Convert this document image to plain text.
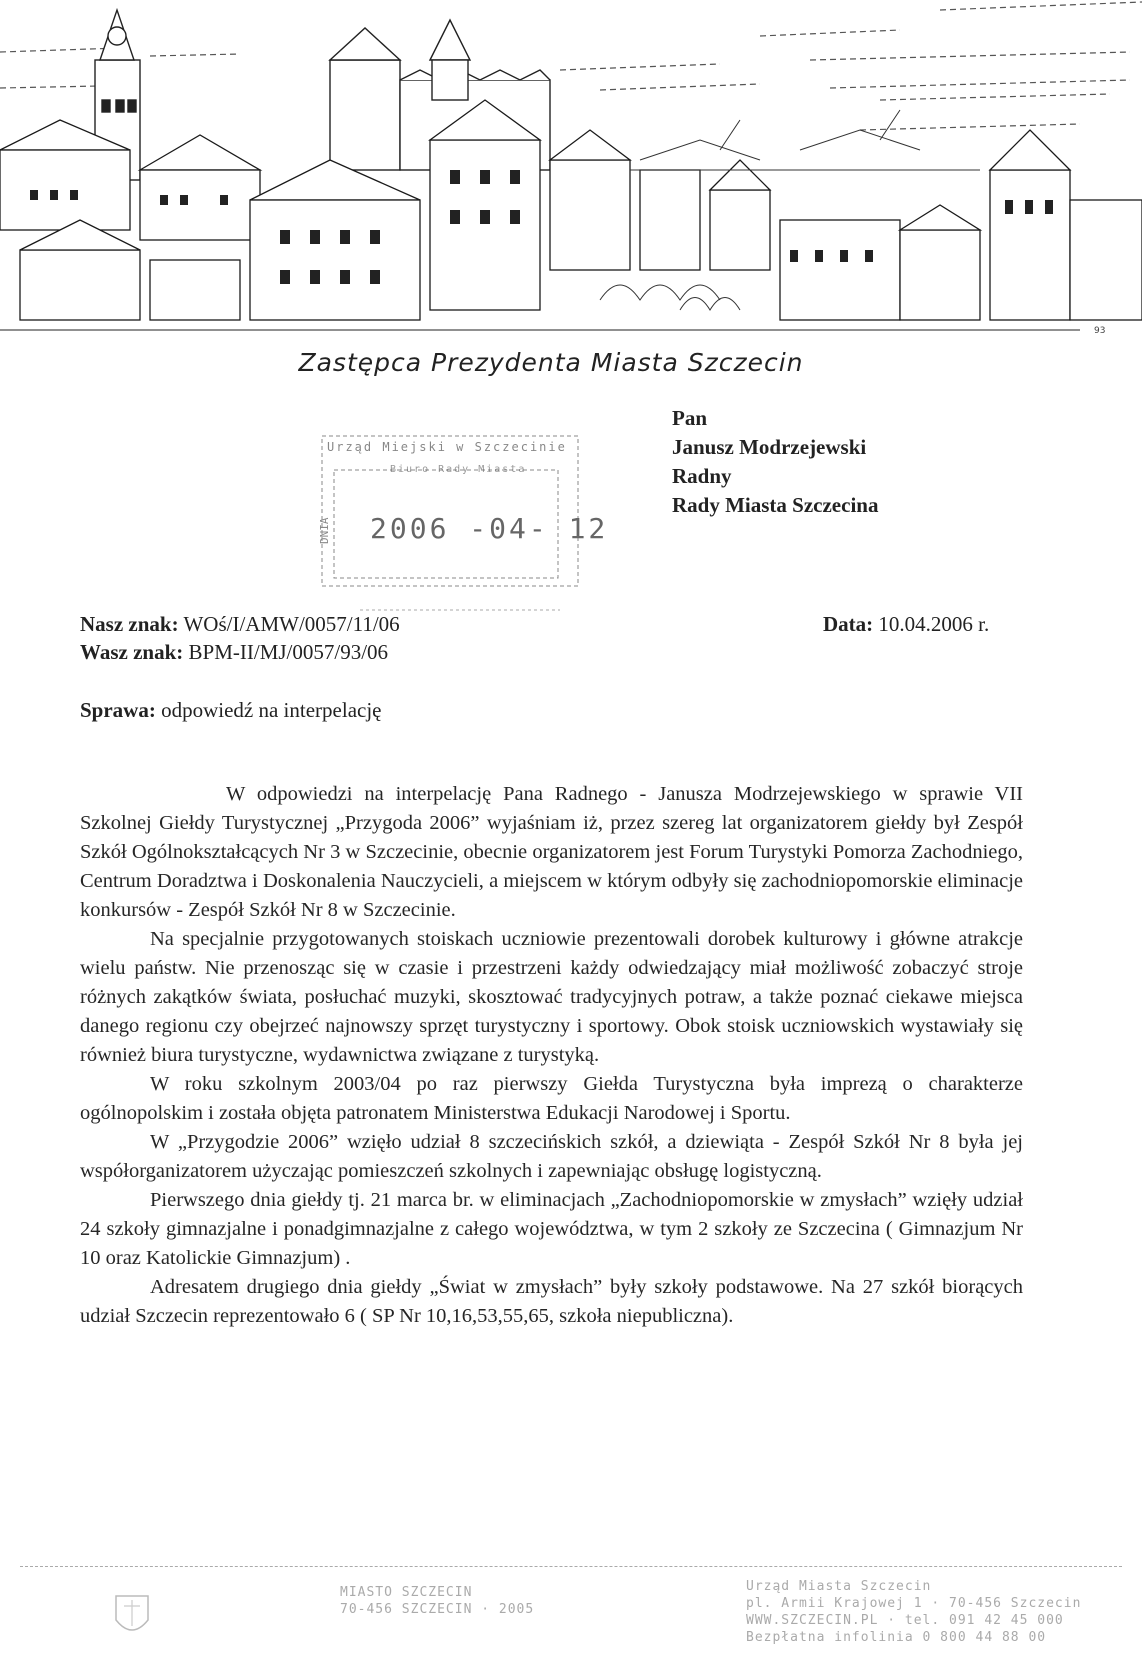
93
Zastępca Prezydenta Miasta Szczecin
Pan
Janusz Modrzejewski
Radny
Rady Miasta Szczecina
DNIA
Urząd Miejski w Szczecinie
Biuro Rady Miasta
2006 -04- 12
Nasz znak: WOś/I/AMW/0057/11/06
Wasz znak: BPM-II/MJ/0057/93/06
Data: 10.04.2006 r.
Sprawa: odpowiedź na interpelację

W odpowiedzi na interpelację Pana Radnego - Janusza Modrzejewskiego w sprawie VII Szkolnej Giełdy Turystycznej „Przygoda 2006” wyjaśniam iż, przez szereg lat organizatorem giełdy był Zespół Szkół Ogólnokształcących Nr 3 w Szczecinie, obecnie organizatorem jest Forum Turystyki Pomorza Zachodniego, Centrum Doradztwa i Doskonalenia Nauczycieli, a miejscem w którym odbyły się zachodniopomorskie eliminacje konkursów - Zespół Szkół Nr 8 w Szczecinie.

Na specjalnie przygotowanych stoiskach uczniowie prezentowali dorobek kulturowy i główne atrakcje wielu państw. Nie przenosząc się w czasie i przestrzeni każdy odwiedzający miał możliwość zobaczyć stroje różnych zakątków świata, posłuchać muzyki, skosztować tradycyjnych potraw, a także poznać ciekawe miejsca danego regionu czy obejrzeć najnowszy sprzęt turystyczny i sportowy. Obok stoisk uczniowskich wystawiały się również biura turystyczne, wydawnictwa związane z turystyką.

W roku szkolnym 2003/04 po raz pierwszy Giełda Turystyczna była imprezą o charakterze ogólnopolskim i została objęta patronatem Ministerstwa Edukacji Narodowej i Sportu.

W „Przygodzie 2006” wzięło udział 8 szczecińskich szkół, a dziewiąta - Zespół Szkół Nr 8 była jej współorganizatorem użyczając pomieszczeń szkolnych i zapewniając obsługę logistyczną.

Pierwszego dnia giełdy tj. 21 marca br. w eliminacjach „Zachodniopomorskie w zmysłach” wzięły udział 24 szkoły gimnazjalne i ponadgimnazjalne z całego województwa, w tym 2 szkoły ze Szczecina ( Gimnazjum Nr 10 oraz Katolickie Gimnazjum) .

Adresatem drugiego dnia giełdy „Świat w zmysłach” były szkoły podstawowe. Na 27 szkół biorących udział Szczecin reprezentowało 6 ( SP Nr 10,16,53,55,65, szkoła niepubliczna).

MIASTO SZCZECIN
70-456 SZCZECIN · 2005
Urząd Miasta Szczecin
pl. Armii Krajowej 1 · 70-456 Szczecin
WWW.SZCZECIN.PL · tel. 091 42 45 000
Bezpłatna infolinia 0 800 44 88 00
